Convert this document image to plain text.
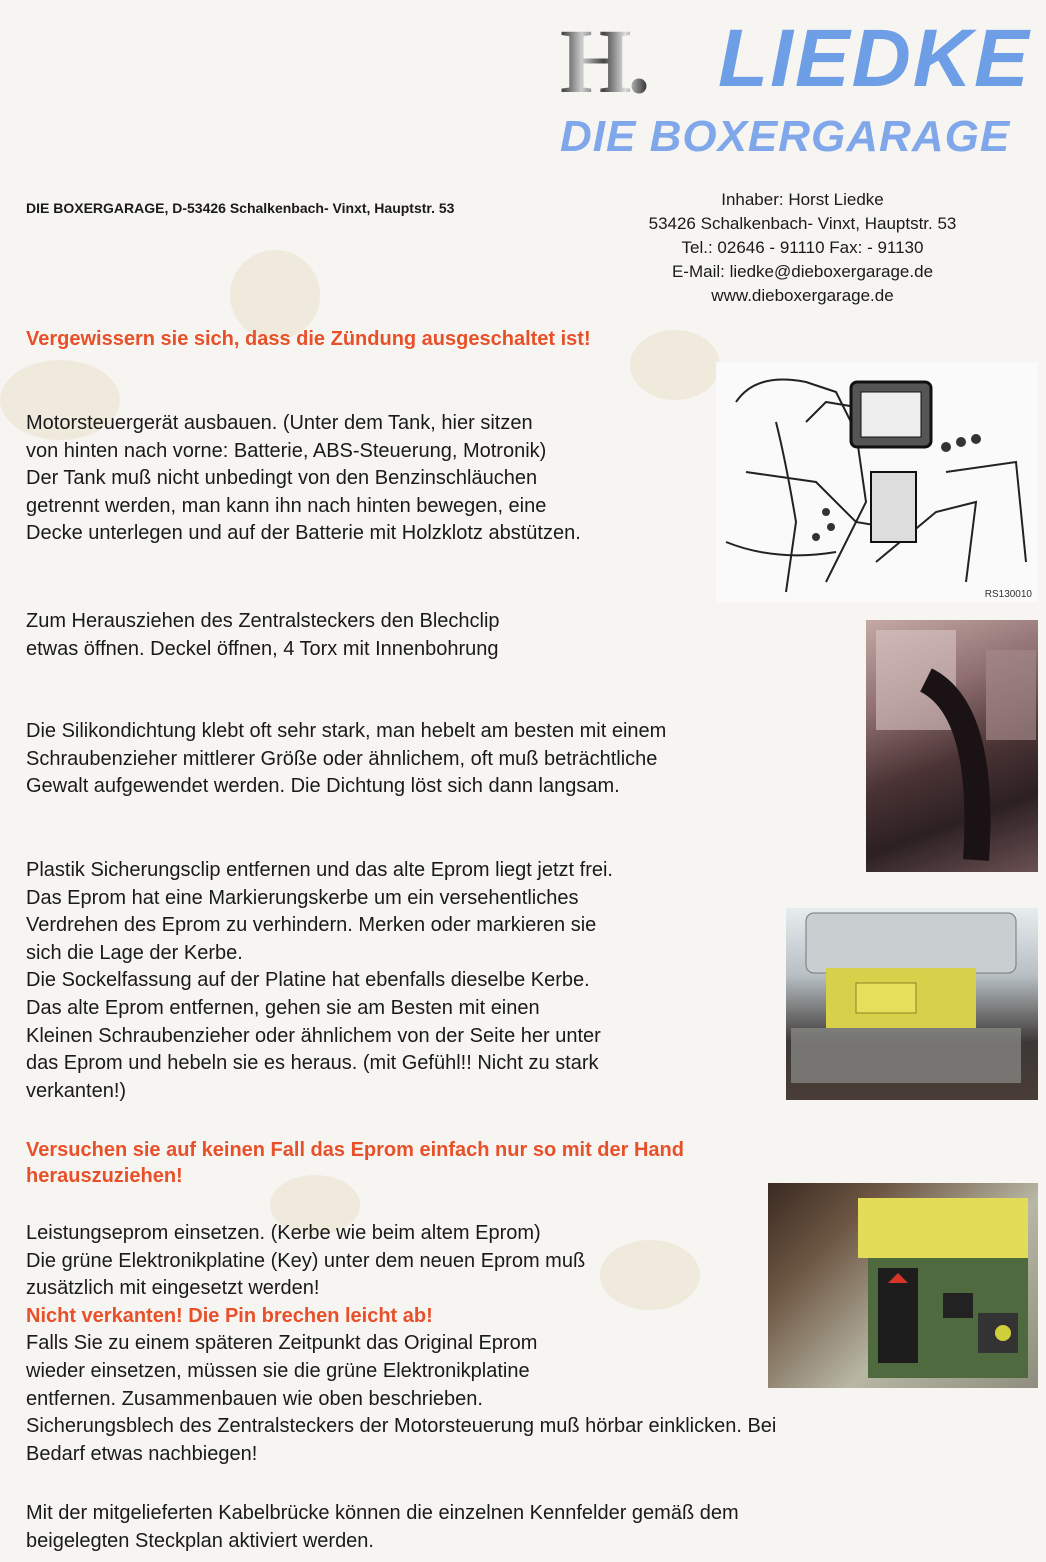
H. LIEDKE
DIE BOXERGARAGE
DIE BOXERGARAGE, D-53426 Schalkenbach- Vinxt, Hauptstr. 53	Inhaber: Horst Liedke
53426 Schalkenbach- Vinxt, Hauptstr. 53
Tel.: 02646 - 91110 Fax: - 91130
E-Mail: liedke@dieboxergarage.de
www.dieboxergarage.de
Vergewissern sie sich, dass die Zündung ausgeschaltet ist!
RS130010
Motorsteuergerät ausbauen. (Unter dem Tank, hier sitzen
von hinten nach vorne: Batterie, ABS-Steuerung, Motronik)
Der Tank muß nicht unbedingt von den Benzinschläuchen
getrennt werden, man kann ihn nach hinten bewegen, eine
Decke unterlegen und auf der Batterie mit Holzklotz abstützen.
Zum Herausziehen des Zentralsteckers den Blechclip
etwas öffnen. Deckel öffnen, 4 Torx mit Innenbohrung
Die Silikondichtung klebt oft sehr stark, man hebelt am besten mit einem
Schraubenzieher mittlerer Größe oder ähnlichem, oft muß beträchtliche
Gewalt aufgewendet werden. Die Dichtung löst sich dann langsam.
Plastik Sicherungsclip entfernen und das alte Eprom liegt jetzt frei.
Das Eprom hat eine Markierungskerbe um ein versehentliches
Verdrehen des Eprom zu verhindern. Merken oder markieren sie
sich die Lage der Kerbe.
Die Sockelfassung auf der Platine hat ebenfalls dieselbe Kerbe.
Das alte Eprom entfernen, gehen sie am Besten mit einen
Kleinen Schraubenzieher oder ähnlichem von der Seite her unter
das Eprom und hebeln sie es heraus. (mit Gefühl!! Nicht zu stark
verkanten!)
Versuchen sie auf keinen Fall das Eprom einfach nur so mit der Hand
herauszuziehen!
Leistungseprom einsetzen. (Kerbe wie beim altem Eprom)
Die grüne Elektronikplatine (Key) unter dem neuen Eprom muß
zusätzlich mit eingesetzt werden!
Nicht verkanten! Die Pin brechen leicht ab!
Falls Sie zu einem späteren Zeitpunkt das Original Eprom
wieder einsetzen, müssen sie die grüne Elektronikplatine
entfernen. Zusammenbauen wie oben beschrieben.
Sicherungsblech des Zentralsteckers der Motorsteuerung muß hörbar einklicken. Bei
Bedarf etwas nachbiegen!
Mit der mitgelieferten Kabelbrücke können die einzelnen Kennfelder gemäß dem
beigelegten Steckplan aktiviert werden.
